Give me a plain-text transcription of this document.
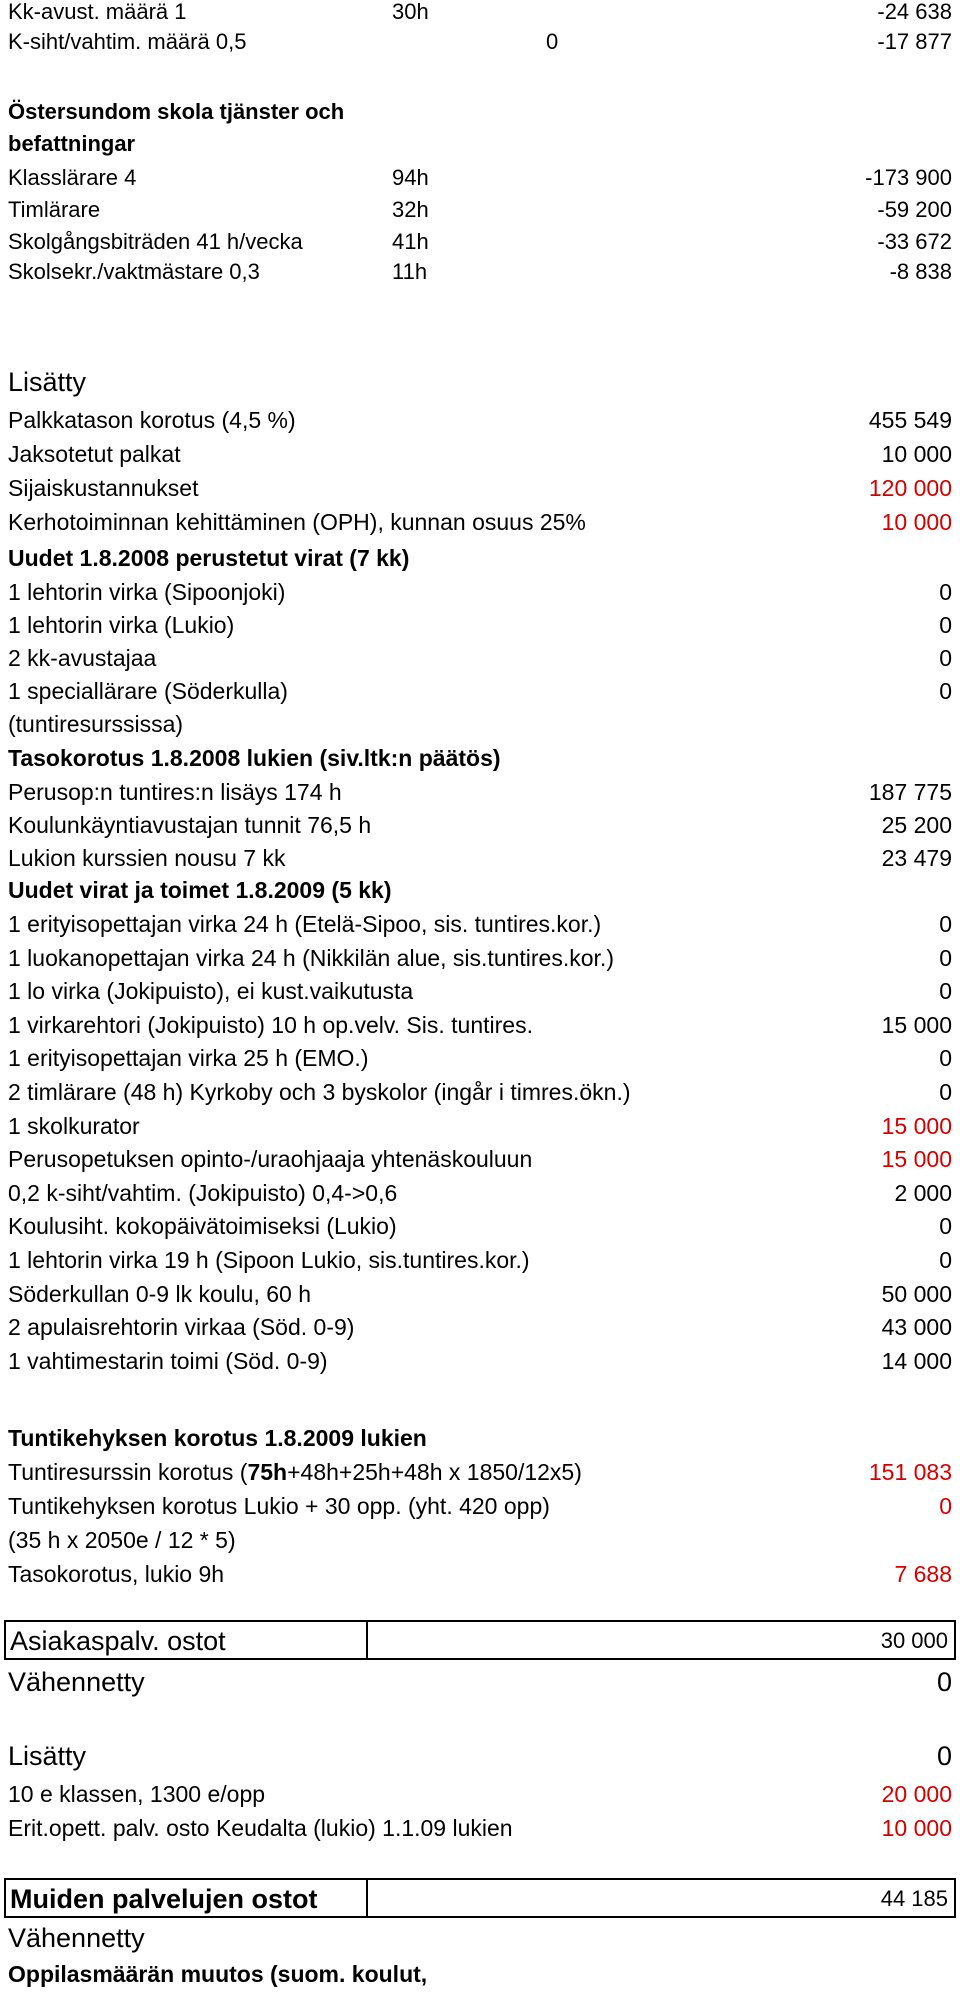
Kk-avust. määrä 1	30h	-24 638
K-siht/vahtim. määrä 0,5	0	-17 877
Östersundom skola tjänster och
befattningar
Klasslärare 4	94h	-173 900
Timlärare	32h	-59 200
Skolgångsbiträden 41 h/vecka	41h	-33 672
Skolsekr./vaktmästare 0,3	11h	-8 838
Lisätty
Palkkatason korotus (4,5 %)	455 549
Jaksotetut palkat	10 000
Sijaiskustannukset	120 000
Kerhotoiminnan kehittäminen (OPH), kunnan osuus 25%	10 000
Uudet 1.8.2008 perustetut virat (7 kk)
1 lehtorin virka (Sipoonjoki)	0
1 lehtorin virka (Lukio)	0
2 kk-avustajaa	0
1 speciallärare (Söderkulla)	0
(tuntiresurssissa)
Tasokorotus 1.8.2008 lukien (siv.ltk:n päätös)
Perusop:n tuntires:n lisäys 174 h	187 775
Koulunkäyntiavustajan tunnit 76,5 h	25 200
Lukion kurssien nousu 7 kk	23 479
Uudet virat ja toimet 1.8.2009 (5 kk)
1 erityisopettajan virka 24 h (Etelä-Sipoo, sis. tuntires.kor.)	0
1 luokanopettajan virka 24 h (Nikkilän alue, sis.tuntires.kor.)	0
1 lo virka (Jokipuisto), ei kust.vaikutusta	0
1 virkarehtori (Jokipuisto) 10 h op.velv. Sis. tuntires.	15 000
1 erityisopettajan virka 25 h (EMO.)	0
2 timlärare (48 h) Kyrkoby och 3 byskolor (ingår i timres.ökn.)	0
1 skolkurator	15 000
Perusopetuksen opinto-/uraohjaaja yhtenäskouluun	15 000
0,2 k-siht/vahtim. (Jokipuisto) 0,4->0,6	2 000
Koulusiht. kokopäivätoimiseksi (Lukio)	0
1 lehtorin virka 19 h (Sipoon Lukio, sis.tuntires.kor.)	0
Söderkullan 0-9 lk koulu, 60 h	50 000
2 apulaisrehtorin virkaa (Söd. 0-9)	43 000
1 vahtimestarin toimi (Söd. 0-9)	14 000
Tuntikehyksen korotus 1.8.2009 lukien
Tuntiresurssin korotus (75h+48h+25h+48h x 1850/12x5)	151 083
Tuntikehyksen korotus Lukio + 30 opp. (yht. 420 opp)	0
(35 h x 2050e / 12 * 5)
Tasokorotus, lukio 9h	7 688
Asiakaspalv. ostot	30 000
Vähennetty	0
Lisätty	0
10 e klassen, 1300 e/opp	20 000
Erit.opett. palv. osto Keudalta (lukio) 1.1.09 lukien	10 000
Muiden palvelujen ostot	44 185
Vähennetty
Oppilasmäärän muutos (suom. koulut,
